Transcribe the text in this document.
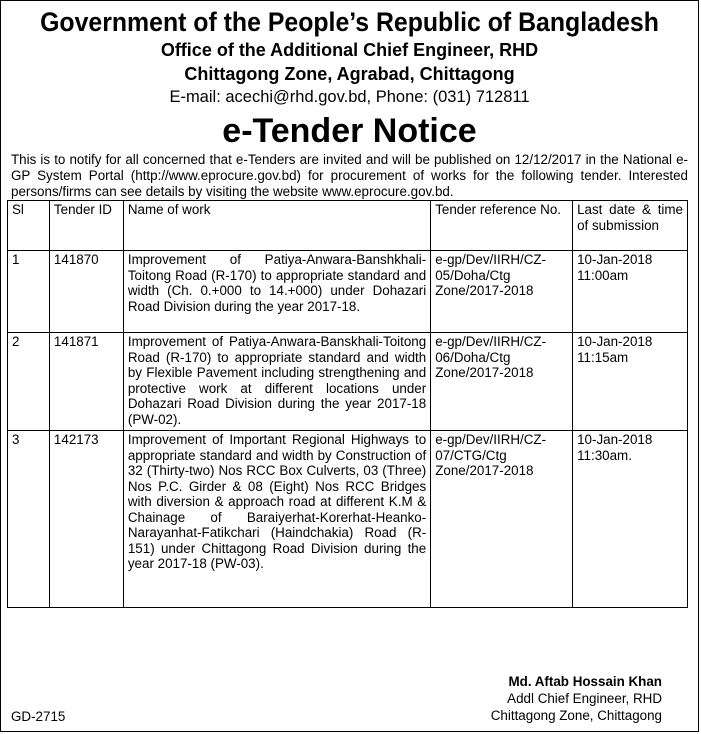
Government of the People’s Republic of Bangladesh
Office of the Additional Chief Engineer, RHD
Chittagong Zone, Agrabad, Chittagong
E-mail: acechi@rhd.gov.bd, Phone: (031) 712811
e-Tender Notice
This is to notify for all concerned that e-Tenders are invited and will be published on 12/12/2017 in the National e-GP System Portal (http://www.eprocure.gov.bd) for procurement of works for the following tender. Interested persons/firms can see details by visiting the website www.eprocure.gov.bd.
Sl	Tender ID	Name of work	Tender reference No.	Last date & time of submission
1	141870	Improvement of Patiya-Anwara-Banshkhali-Toitong Road (R-170) to appropriate standard and width (Ch. 0.+000 to 14.+000) under Dohazari Road Division during the year 2017-18.	e-gp/Dev/IIRH/CZ-05/Doha/Ctg Zone/2017-2018	10-Jan-2018
11:00am

2	141871	Improvement of Patiya-Anwara-Banskhali-Toitong Road (R-170) to appropriate standard and width by Flexible Pavement including strengthening and protective work at different locations under Dohazari Road Division during the year 2017-18 (PW-02).	e-gp/Dev/IIRH/CZ-06/Doha/Ctg Zone/2017-2018	10-Jan-2018
11:15am

3	142173	Improvement of Important Regional Highways to appropriate standard and width by Construction of 32 (Thirty-two) Nos RCC Box Culverts, 03 (Three) Nos P.C. Girder & 08 (Eight) Nos RCC Bridges with diversion & approach road at different K.M & Chainage of Baraiyerhat-Korerhat-Heanko-Narayanhat-Fatikchari (Haindchakia) Road (R-151) under Chittagong Road Division during the year 2017-18 (PW-03).	e-gp/Dev/IIRH/CZ-07/CTG/Ctg Zone/2017-2018	10-Jan-2018
11:30am.
Md. Aftab Hossain Khan
Addl Chief Engineer, RHD
Chittagong Zone, Chittagong
GD-2715
